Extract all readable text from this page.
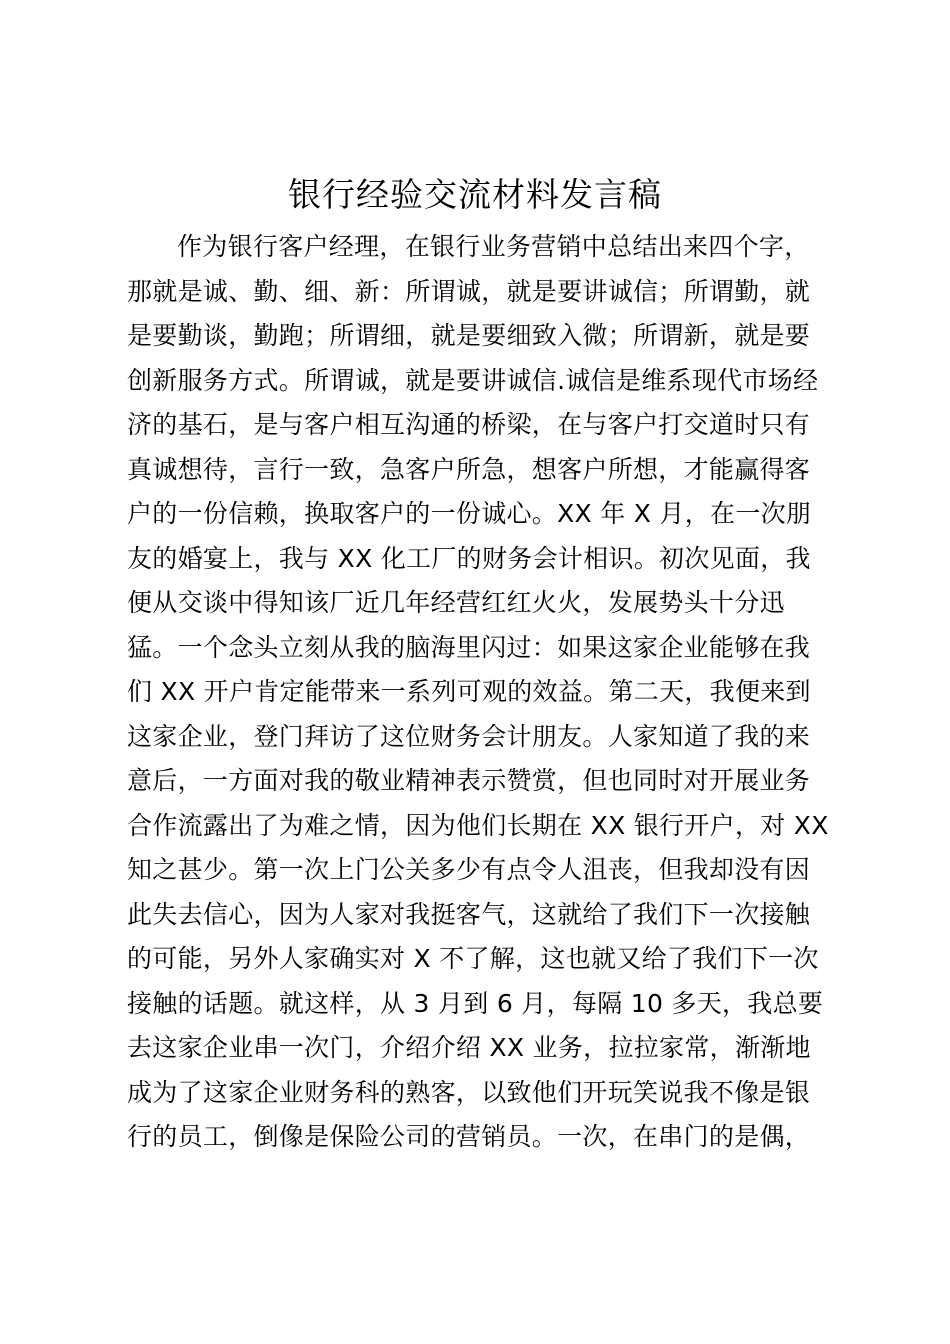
银行经验交流材料发言稿
作为银行客户经理，在银行业务营销中总结出来四个字，
那就是诚、勤、细、新：所谓诚，就是要讲诚信；所谓勤，就
是要勤谈，勤跑；所谓细，就是要细致入微；所谓新，就是要
创新服务方式。所谓诚，就是要讲诚信.诚信是维系现代市场经
济的基石，是与客户相互沟通的桥梁，在与客户打交道时只有
真诚想待，言行一致，急客户所急，想客户所想，才能赢得客
户的一份信赖，换取客户的一份诚心。XX 年 X 月，在一次朋
友的婚宴上，我与 XX 化工厂的财务会计相识。初次见面，我
便从交谈中得知该厂近几年经营红红火火，发展势头十分迅
猛。一个念头立刻从我的脑海里闪过：如果这家企业能够在我
们 XX 开户肯定能带来一系列可观的效益。第二天，我便来到
这家企业，登门拜访了这位财务会计朋友。人家知道了我的来
意后，一方面对我的敬业精神表示赞赏，但也同时对开展业务
合作流露出了为难之情，因为他们长期在 XX 银行开户，对 XX
知之甚少。第一次上门公关多少有点令人沮丧，但我却没有因
此失去信心，因为人家对我挺客气，这就给了我们下一次接触
的可能，另外人家确实对 X 不了解，这也就又给了我们下一次
接触的话题。就这样，从 3 月到 6 月，每隔 10 多天，我总要
去这家企业串一次门，介绍介绍 XX 业务，拉拉家常，渐渐地
成为了这家企业财务科的熟客，以致他们开玩笑说我不像是银
行的员工，倒像是保险公司的营销员。一次，在串门的是偶，
